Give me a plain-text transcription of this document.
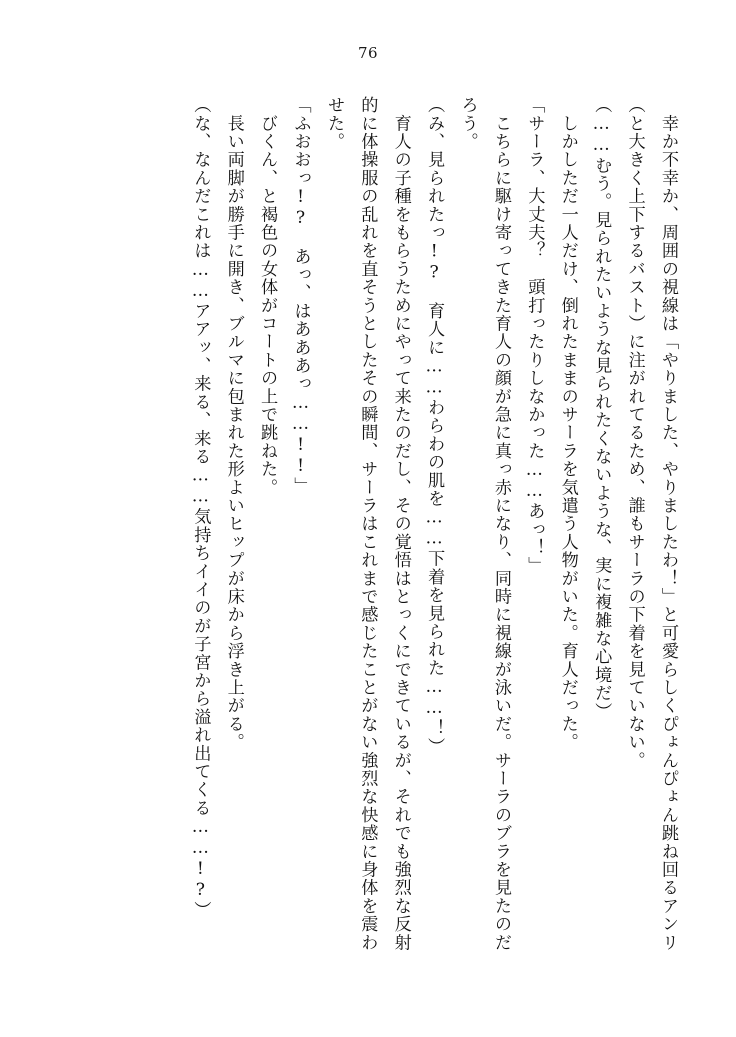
76

　幸か不幸か、周囲の視線は「やりました、やりましたわ！」と可愛らしくぴょんぴょん跳ね回るアンリ（と大きく上下するバスト）に注がれてるため、誰もサーラの下着を見ていない。

（……むう。見られたいような見られたくないような、実に複雑な心境だ）

　しかしただ一人だけ、倒れたままのサーラを気遣う人物がいた。育人だった。

「サーラ、大丈夫？　頭打ったりしなかった……あっ！」

　こちらに駆け寄ってきた育人の顔が急に真っ赤になり、同時に視線が泳いだ。サーラのブラを見たのだろう。

（み、見られたっ!?　育人に……わらわの肌を……下着を見られた……！）

　育人の子種をもらうためにやって来たのだし、その覚悟はとっくにできているが、それでも強烈な反射的に体操服の乱れを直そうとしたその瞬間、サーラはこれまで感じたことがない強烈な快感に身体を震わせた。

「ふおおっ!?　あっ、はあああっ……!!」

　びくん、と褐色の女体がコートの上で跳ねた。

　長い両脚が勝手に開き、ブルマに包まれた形よいヒップが床から浮き上がる。

（な、なんだこれは……アアッ、来る、来る……気持ちイイのが子宮から溢れ出てくる……!?）
